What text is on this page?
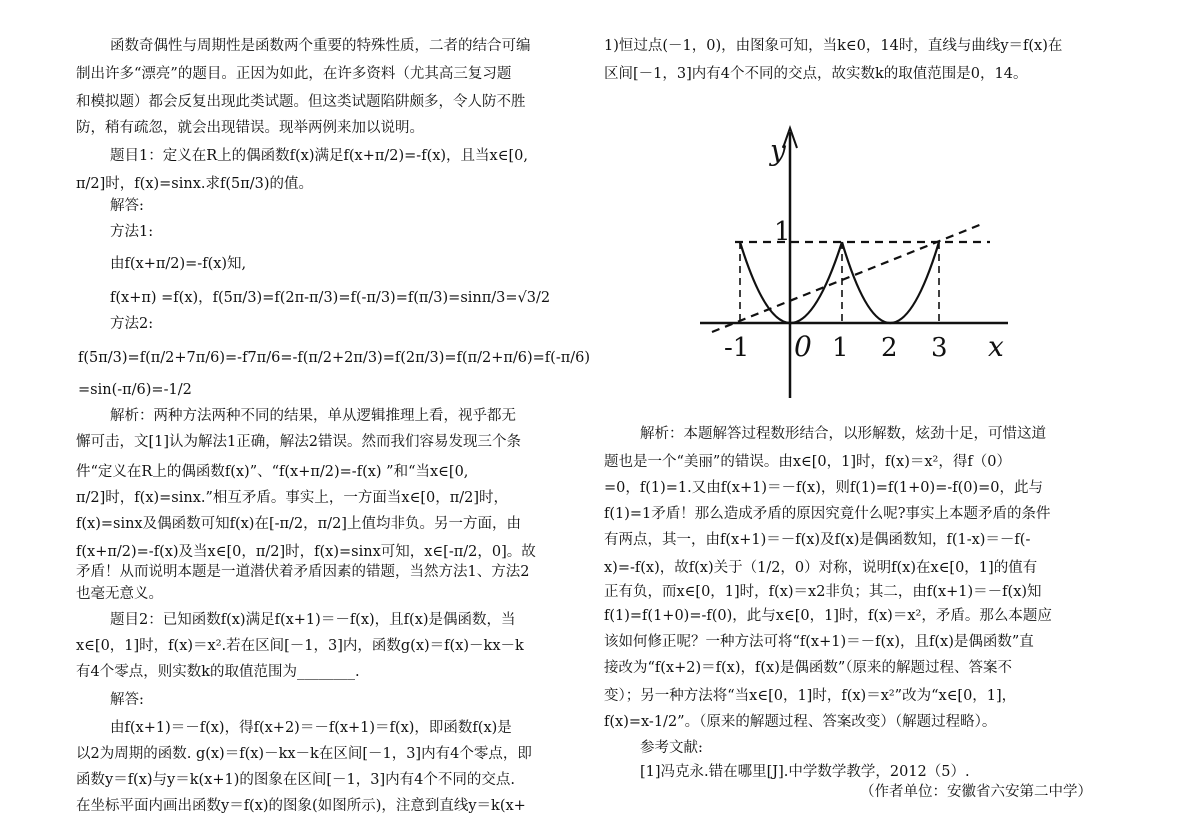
函数奇偶性与周期性是函数两个重要的特殊性质，二者的结合可编
制出许多“漂亮”的题目。正因为如此，在许多资料（尤其高三复习题
和模拟题）都会反复出现此类试题。但这类试题陷阱颇多，令人防不胜
防，稍有疏忽，就会出现错误。现举两例来加以说明。
题目1：定义在R上的偶函数f(x)满足f(x+π/2)=-f(x)，且当x∈[0,
π/2]时，f(x)=sinx.求f(5π/3)的值。
解答:
方法1:
由f(x+π/2)=-f(x)知,
f(x+π) =f(x)，f(5π/3)=f(2π-π/3)=f(-π/3)=f(π/3)=sinπ/3=√3/2
方法2:
f(5π/3)=f(π/2+7π/6)=-f7π/6=-f(π/2+2π/3)=f(2π/3)=f(π/2+π/6)=f(-π/6)
=sin(-π/6)=-1/2
解析：两种方法两种不同的结果，单从逻辑推理上看，视乎都无
懈可击，文[1]认为解法1正确，解法2错误。然而我们容易发现三个条
件“定义在R上的偶函数f(x)”、“f(x+π/2)=-f(x) ”和“当x∈[0,
π/2]时，f(x)=sinx.”相互矛盾。事实上，一方面当x∈[0，π/2]时，
f(x)=sinx及偶函数可知f(x)在[-π/2，π/2]上值均非负。另一方面，由
f(x+π/2)=-f(x)及当x∈[0，π/2]时，f(x)=sinx可知，x∈[-π/2，0]。故
矛盾！从而说明本题是一道潜伏着矛盾因素的错题，当然方法1、方法2
也毫无意义。
题目2：已知函数f(x)满足f(x+1)＝－f(x)，且f(x)是偶函数，当
x∈[0，1]时，f(x)＝x².若在区间[－1，3]内，函数g(x)＝f(x)－kx－k
有4个零点，则实数k的取值范围为________.
解答:
由f(x+1)＝－f(x)，得f(x+2)＝－f(x+1)＝f(x)，即函数f(x)是
以2为周期的函数. g(x)＝f(x)－kx－k在区间[－1，3]内有4个零点，即
函数y＝f(x)与y＝k(x+1)的图象在区间[－1，3]内有4个不同的交点.
在坐标平面内画出函数y＝f(x)的图象(如图所示)，注意到直线y＝k(x+
1)恒过点(－1，0)，由图象可知，当k∈0，14时，直线与曲线y＝f(x)在
区间[－1，3]内有4个不同的交点，故实数k的取值范围是0，14。
y
x
1
-1 0 1 2 3
解析：本题解答过程数形结合，以形解数，炫劲十足，可惜这道
题也是一个“美丽”的错误。由x∈[0，1]时，f(x)＝x²，得f（0）
=0，f(1)=1.又由f(x+1)＝－f(x)，则f(1)=f(1+0)=-f(0)=0，此与
f(1)=1矛盾！那么造成矛盾的原因究竟什么呢?事实上本题矛盾的条件
有两点，其一，由f(x+1)＝－f(x)及f(x)是偶函数知，f(1-x)＝－f(-
x)=-f(x)，故f(x)关于（1/2，0）对称，说明f(x)在x∈[0，1]的值有
正有负，而x∈[0，1]时，f(x)＝x2非负；其二，由f(x+1)＝－f(x)知
f(1)=f(1+0)=-f(0)，此与x∈[0，1]时，f(x)＝x²，矛盾。那么本题应
该如何修正呢？一种方法可将“f(x+1)＝－f(x)，且f(x)是偶函数”直
接改为“f(x+2)＝f(x)，f(x)是偶函数”（原来的解题过程、答案不
变）；另一种方法将“当x∈[0，1]时，f(x)＝x²”改为“x∈[0，1]，
f(x)=x-1/2”。（原来的解题过程、答案改变）（解题过程略）。
参考文献:
[1]冯克永.错在哪里[J].中学数学教学，2012（5）.
（作者单位：安徽省六安第二中学）
